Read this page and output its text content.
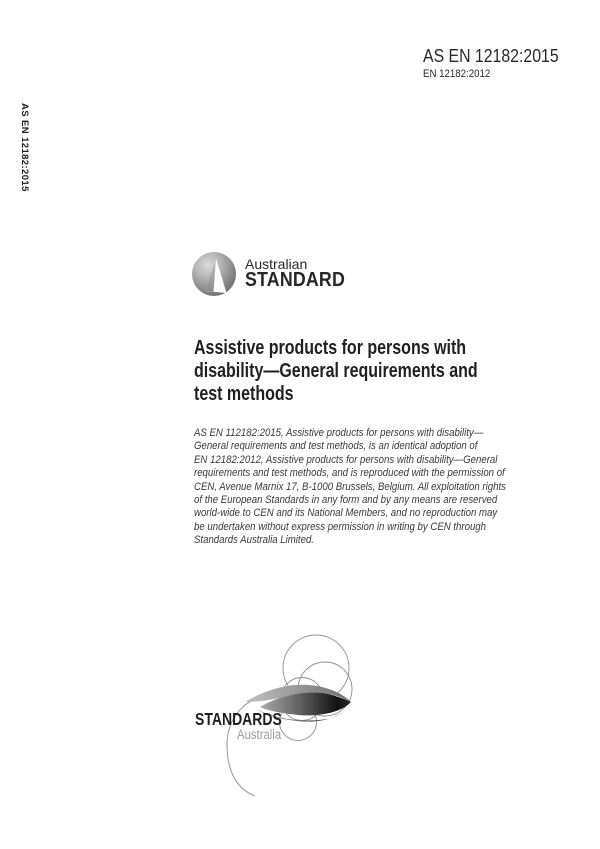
AS EN 12182:2015
AS EN 12182:2015
EN 12182:2012
Australian
STANDARD
Assistive products for persons with
disability—General requirements and
test methods
AS EN 112182:2015, Assistive products for persons with disability—
General requirements and test methods, is an identical adoption of
EN 12182:2012, Assistive products for persons with disability—General
requirements and test methods, and is reproduced with the permission of
CEN, Avenue Marnix 17, B-1000 Brussels, Belgium. All exploitation rights
of the European Standards in any form and by any means are reserved
world-wide to CEN and its National Members, and no reproduction may
be undertaken without express permission in writing by CEN through
Standards Australia Limited.
STANDARDS
Australia
